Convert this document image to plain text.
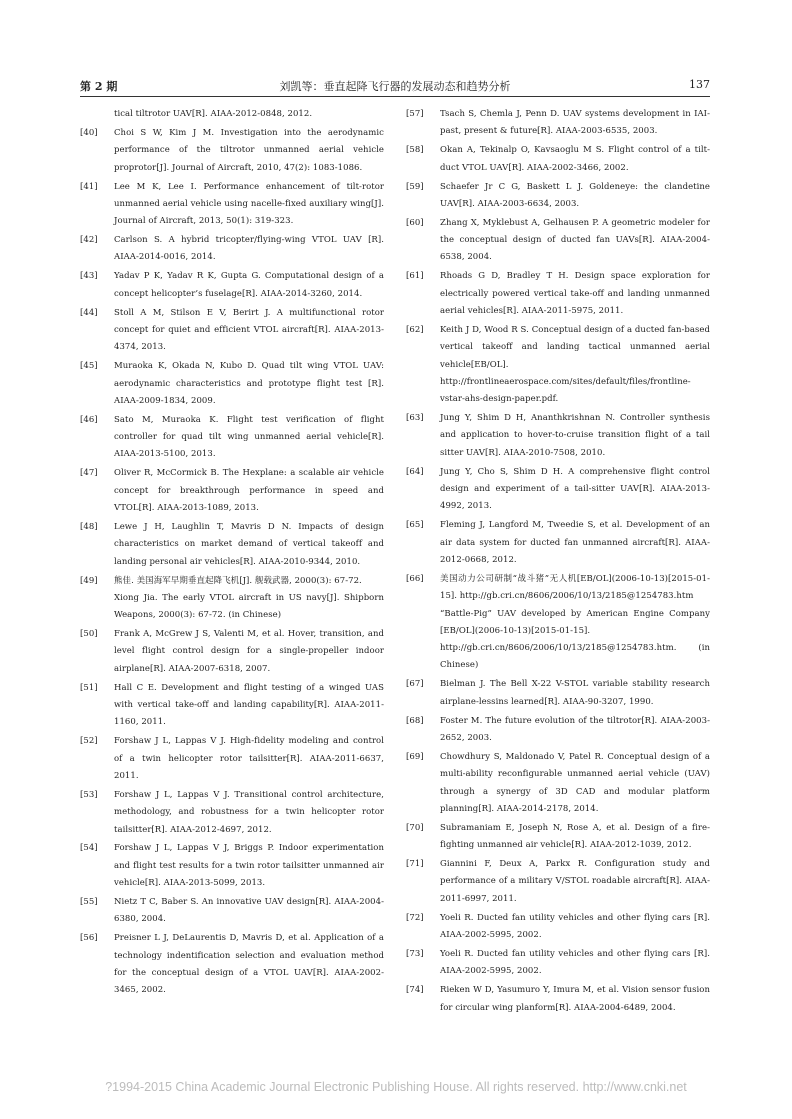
第 2 期	刘凯等：垂直起降飞行器的发展动态和趋势分析	137
tical tiltrotor UAV[R]. AIAA-2012-0848, 2012.
[40]	Choi S W, Kim J M. Investigation into the aerodynamic performance of the tiltrotor unmanned aerial vehicle proprotor[J]. Journal of Aircraft, 2010, 47(2): 1083-1086.
[41]	Lee M K, Lee I. Performance enhancement of tilt-rotor unmanned aerial vehicle using nacelle-fixed auxiliary wing[J]. Journal of Aircraft, 2013, 50(1): 319-323.
[42]	Carlson S. A hybrid tricopter/flying-wing VTOL UAV [R]. AIAA-2014-0016, 2014.
[43]	Yadav P K, Yadav R K, Gupta G. Computational design of a concept helicopter’s fuselage[R]. AIAA-2014-3260, 2014.
[44]	Stoll A M, Stilson E V, Berirt J. A multifunctional rotor concept for quiet and efficient VTOL aircraft[R]. AIAA-2013-4374, 2013.
[45]	Muraoka K, Okada N, Kubo D. Quad tilt wing VTOL UAV: aerodynamic characteristics and prototype flight test [R]. AIAA-2009-1834, 2009.
[46]	Sato M, Muraoka K. Flight test verification of flight controller for quad tilt wing unmanned aerial vehicle[R]. AIAA-2013-5100, 2013.
[47]	Oliver R, McCormick B. The Hexplane: a scalable air vehicle concept for breakthrough performance in speed and VTOL[R]. AIAA-2013-1089, 2013.
[48]	Lewe J H, Laughlin T, Mavris D N. Impacts of design characteristics on market demand of vertical takeoff and landing personal air vehicles[R]. AIAA-2010-9344, 2010.
[49]	熊佳. 美国海军早期垂直起降飞机[J]. 舰载武器, 2000(3): 67-72.
Xiong Jia. The early VTOL aircraft in US navy[J]. Shipborn Weapons, 2000(3): 67-72. (in Chinese)
[50]	Frank A, McGrew J S, Valenti M, et al. Hover, transition, and level flight control design for a single-propeller indoor airplane[R]. AIAA-2007-6318, 2007.
[51]	Hall C E. Development and flight testing of a winged UAS with vertical take-off and landing capability[R]. AIAA-2011-1160, 2011.
[52]	Forshaw J L, Lappas V J. High-fidelity modeling and control of a twin helicopter rotor tailsitter[R]. AIAA-2011-6637, 2011.
[53]	Forshaw J L, Lappas V J. Transitional control architecture, methodology, and robustness for a twin helicopter rotor tailsitter[R]. AIAA-2012-4697, 2012.
[54]	Forshaw J L, Lappas V J, Briggs P. Indoor experimentation and flight test results for a twin rotor tailsitter unmanned air vehicle[R]. AIAA-2013-5099, 2013.
[55]	Nietz T C, Baber S. An innovative UAV design[R]. AIAA-2004-6380, 2004.
[56]	Preisner L J, DeLaurentis D, Mavris D, et al. Application of a technology indentification selection and evaluation method for the conceptual design of a VTOL UAV[R]. AIAA-2002-3465, 2002.
[57]	Tsach S, Chemla J, Penn D. UAV systems development in IAI-past, present & future[R]. AIAA-2003-6535, 2003.
[58]	Okan A, Tekinalp O, Kavsaoglu M S. Flight control of a tilt-duct VTOL UAV[R]. AIAA-2002-3466, 2002.
[59]	Schaefer Jr C G, Baskett L J. Goldeneye: the clandetine UAV[R]. AIAA-2003-6634, 2003.
[60]	Zhang X, Myklebust A, Gelhausen P. A geometric modeler for the conceptual design of ducted fan UAVs[R]. AIAA-2004-6538, 2004.
[61]	Rhoads G D, Bradley T H. Design space exploration for electrically powered vertical take-off and landing unmanned aerial vehicles[R]. AIAA-2011-5975, 2011.
[62]	Keith J D, Wood R S. Conceptual design of a ducted fan-based vertical takeoff and landing tactical unmanned aerial vehicle[EB/OL]. http://frontlineaerospace.com/sites/default/files/frontline-vstar-ahs-design-paper.pdf.
[63]	Jung Y, Shim D H, Ananthkrishnan N. Controller synthesis and application to hover-to-cruise transition flight of a tail sitter UAV[R]. AIAA-2010-7508, 2010.
[64]	Jung Y, Cho S, Shim D H. A comprehensive flight control design and experiment of a tail-sitter UAV[R]. AIAA-2013-4992, 2013.
[65]	Fleming J, Langford M, Tweedie S, et al. Development of an air data system for ducted fan unmanned aircraft[R]. AIAA-2012-0668, 2012.
[66]	美国动力公司研制“战斗猪”无人机[EB/OL](2006-10-13)[2015-01-15]. http://gb.cri.cn/8606/2006/10/13/2185@1254783.htm
“Battle-Pig” UAV developed by American Engine Company [EB/OL](2006-10-13)[2015-01-15]. http://gb.cri.cn/8606/2006/10/13/2185@1254783.htm. (in Chinese)
[67]	Bielman J. The Bell X-22 V-STOL variable stability research airplane-lessins learned[R]. AIAA-90-3207, 1990.
[68]	Foster M. The future evolution of the tiltrotor[R]. AIAA-2003-2652, 2003.
[69]	Chowdhury S, Maldonado V, Patel R. Conceptual design of a multi-ability reconfigurable unmanned aerial vehicle (UAV) through a synergy of 3D CAD and modular platform planning[R]. AIAA-2014-2178, 2014.
[70]	Subramaniam E, Joseph N, Rose A, et al. Design of a fire-fighting unmanned air vehicle[R]. AIAA-2012-1039, 2012.
[71]	Giannini F, Deux A, Parkx R. Configuration study and performance of a military V/STOL roadable aircraft[R]. AIAA-2011-6997, 2011.
[72]	Yoeli R. Ducted fan utility vehicles and other flying cars [R]. AIAA-2002-5995, 2002.
[73]	Yoeli R. Ducted fan utility vehicles and other flying cars [R]. AIAA-2002-5995, 2002.
[74]	Rieken W D, Yasumuro Y, Imura M, et al. Vision sensor fusion for circular wing planform[R]. AIAA-2004-6489, 2004.
?1994-2015 China Academic Journal Electronic Publishing House. All rights reserved. http://www.cnki.net
